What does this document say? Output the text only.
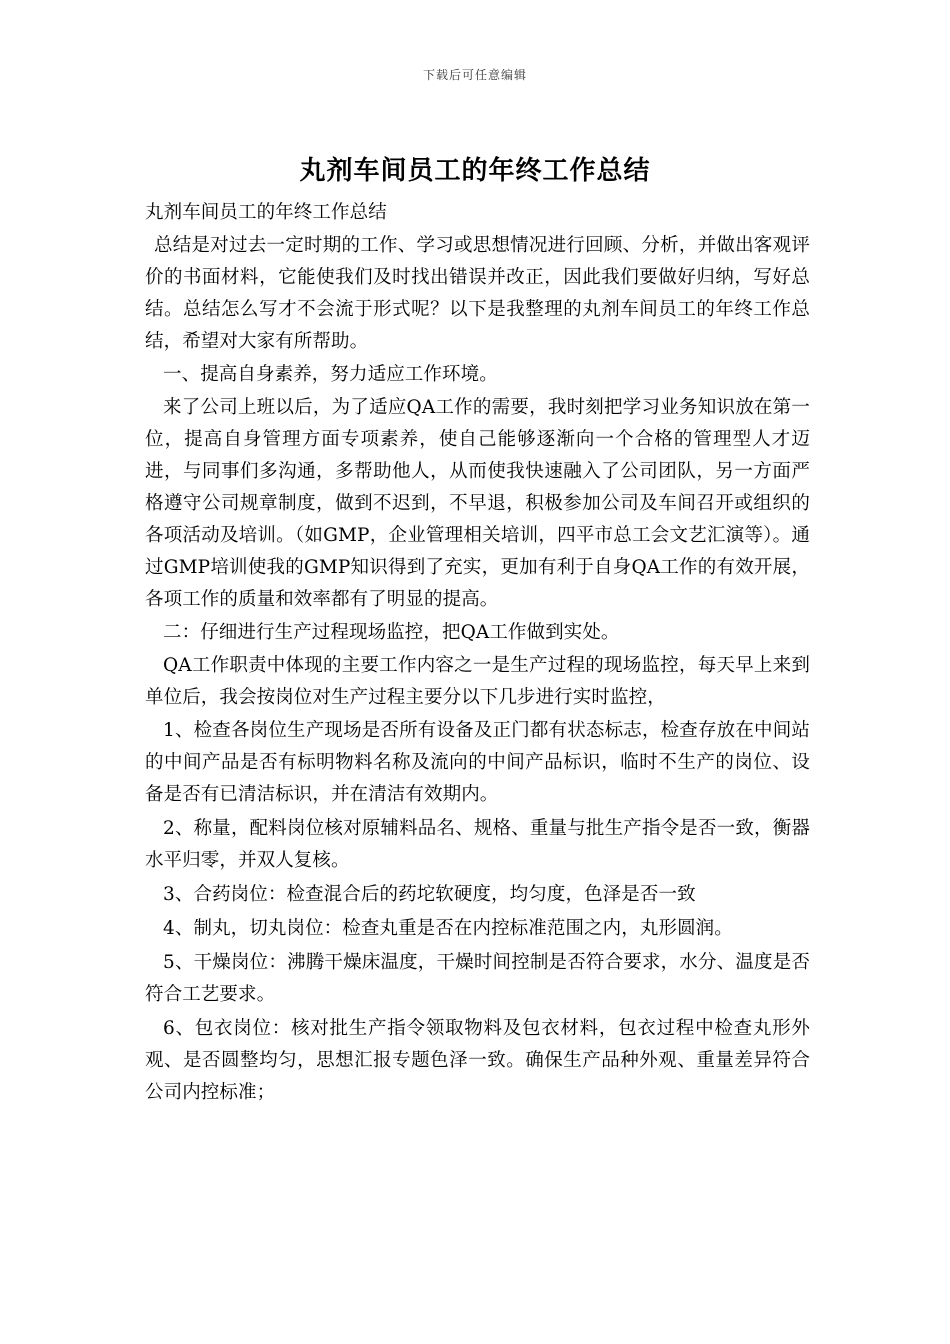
下载后可任意编辑
丸剂车间员工的年终工作总结

丸剂车间员工的年终工作总结

总结是对过去一定时期的工作、学习或思想情况进行回顾、分析，并做出客观评价的书面材料，它能使我们及时找出错误并改正，因此我们要做好归纳，写好总结。总结怎么写才不会流于形式呢？以下是我整理的丸剂车间员工的年终工作总结，希望对大家有所帮助。

一、提高自身素养，努力适应工作环境。

来了公司上班以后，为了适应QA工作的需要，我时刻把学习业务知识放在第一位，提高自身管理方面专项素养，使自己能够逐渐向一个合格的管理型人才迈进，与同事们多沟通，多帮助他人，从而使我快速融入了公司团队，另一方面严格遵守公司规章制度，做到不迟到，不早退，积极参加公司及车间召开或组织的各项活动及培训。（如GMP，企业管理相关培训，四平市总工会文艺汇演等）。通过GMP培训使我的GMP知识得到了充实，更加有利于自身QA工作的有效开展，各项工作的质量和效率都有了明显的提高。

二：仔细进行生产过程现场监控，把QA工作做到实处。

QA工作职责中体现的主要工作内容之一是生产过程的现场监控，每天早上来到单位后，我会按岗位对生产过程主要分以下几步进行实时监控，

1、检查各岗位生产现场是否所有设备及正门都有状态标志，检查存放在中间站的中间产品是否有标明物料名称及流向的中间产品标识，临时不生产的岗位、设备是否有已清洁标识，并在清洁有效期内。

2、称量，配料岗位核对原辅料品名、规格、重量与批生产指令是否一致，衡器水平归零，并双人复核。

3、合药岗位：检查混合后的药坨软硬度，均匀度，色泽是否一致

4、制丸，切丸岗位：检查丸重是否在内控标准范围之内，丸形圆润。

5、干燥岗位：沸腾干燥床温度，干燥时间控制是否符合要求，水分、温度是否符合工艺要求。

6、包衣岗位：核对批生产指令领取物料及包衣材料，包衣过程中检查丸形外观、是否圆整均匀，思想汇报专题色泽一致。确保生产品种外观、重量差异符合公司内控标准；
